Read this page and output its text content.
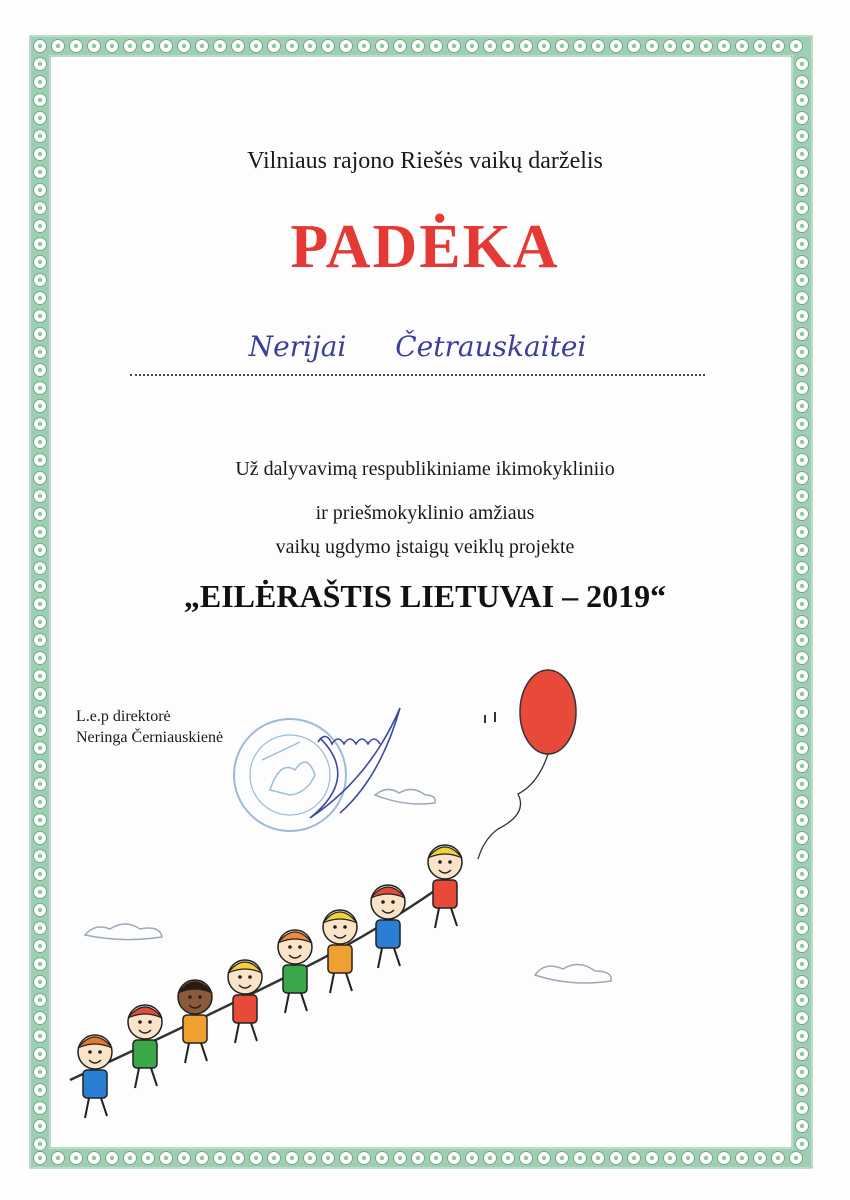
Vilniaus rajono Riešės vaikų darželis
PADĖKA
Nerijai Četrauskaitei
Už dalyvavimą respublikiniame ikimokykliniio
ir priešmokyklinio amžiaus
vaikų ugdymo įstaigų veiklų projekte
„EILĖRAŠTIS LIETUVAI – 2019“
L.e.p direktorė
Neringa Černiauskienė
